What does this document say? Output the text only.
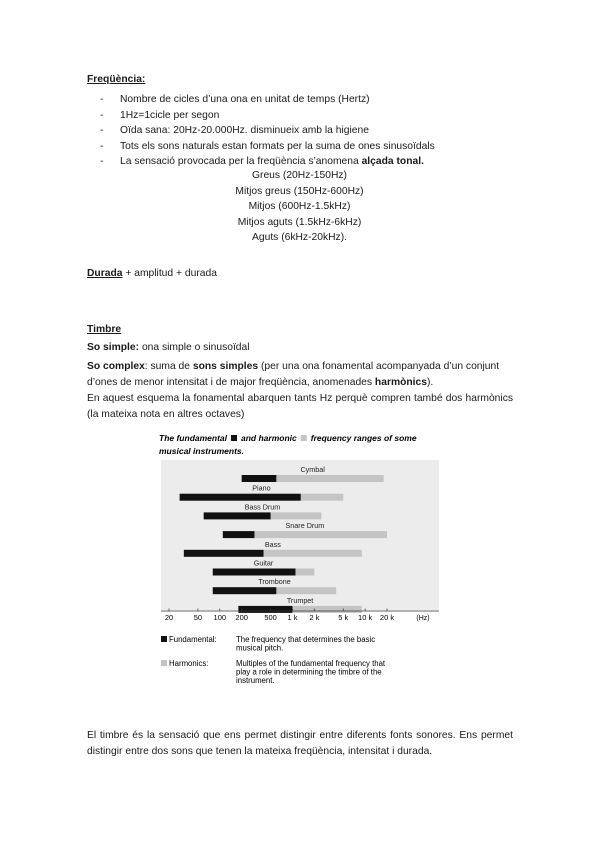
Freqüència:
- Nombre de cicles d’una ona en unitat de temps (Hertz)
- 1Hz=1cicle per segon
- Oïda sana: 20Hz-20.000Hz. disminueix amb la higiene
- Tots els sons naturals estan formats per la suma de ones sinusoïdals
- La sensació provocada per la freqüència s’anomena alçada tonal.
Greus (20Hz-150Hz)
Mitjos greus (150Hz-600Hz)
Mitjos (600Hz-1.5kHz)
Mitjos aguts (1.5kHz-6kHz)
Aguts (6kHz-20kHz).
Durada + amplitud + durada
Timbre
So simple: ona simple o sinusoïdal
So complex: suma de sons simples (per una ona fonamental acompanyada d’un conjunt d’ones de menor intensitat i de major freqüència, anomenades harmònics).
En aquest esquema la fonamental abarquen tants Hz perquè compren també dos harmònics (la mateixa nota en altres octaves)
The fundamental and harmonic frequency ranges of some
musical instruments.
Cymbal
Piano
Bass Drum
Snare Drum
Bass
Guitar
Trombone
Trumpet
20	50 100 200 500 1 k 2 k	5 k 10 k 20 k	(Hz)
Fundamental: The frequency that determines the basic
musical pitch.
Harmonics:	Multiples of the fundamental frequency that
play a role in determining the timbre of the
instrument.
El timbre és la sensació que ens permet distingir entre diferents fonts sonores. Ens permet distingir entre dos sons que tenen la mateixa freqüència, intensitat i durada.
